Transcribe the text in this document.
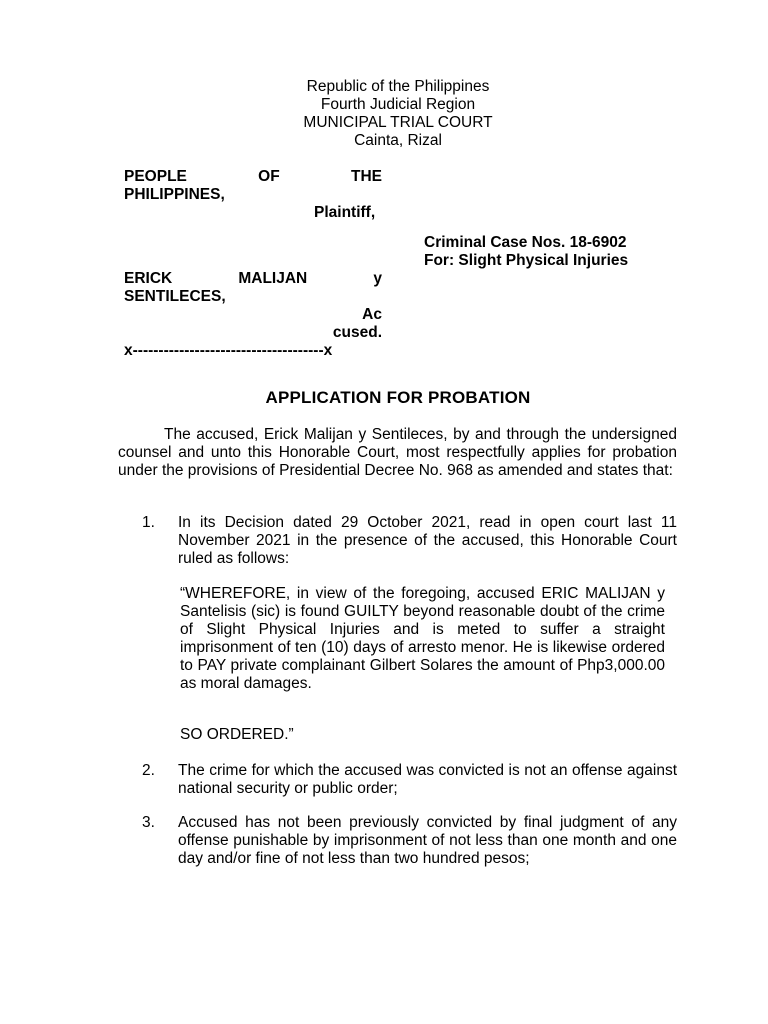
Republic of the Philippines
Fourth Judicial Region
MUNICIPAL TRIAL COURT
Cainta, Rizal
PEOPLE	OF	THE
PHILIPPINES,
Plaintiff,
Criminal Case Nos. 18-6902
For: Slight Physical Injuries
ERICK	MALIJAN	y
SENTILECES,
Ac
cused.
x-------------------------------------x
APPLICATION FOR PROBATION
The accused, Erick Malijan y Sentileces, by and through the undersigned counsel and unto this Honorable Court, most respectfully applies for probation under the provisions of Presidential Decree No. 968 as amended and states that:
1. In its Decision dated 29 October 2021, read in open court last 11 November 2021 in the presence of the accused, this Honorable Court ruled as follows:
“WHEREFORE, in view of the foregoing, accused ERIC MALIJAN y Santelisis (sic) is found GUILTY beyond reasonable doubt of the crime of Slight Physical Injuries and is meted to suffer a straight imprisonment of ten (10) days of arresto menor. He is likewise ordered to PAY private complainant Gilbert Solares the amount of Php3,000.00 as moral damages.
SO ORDERED.”
2. The crime for which the accused was convicted is not an offense against national security or public order;
3. Accused has not been previously convicted by final judgment of any offense punishable by imprisonment of not less than one month and one day and/or fine of not less than two hundred pesos;
